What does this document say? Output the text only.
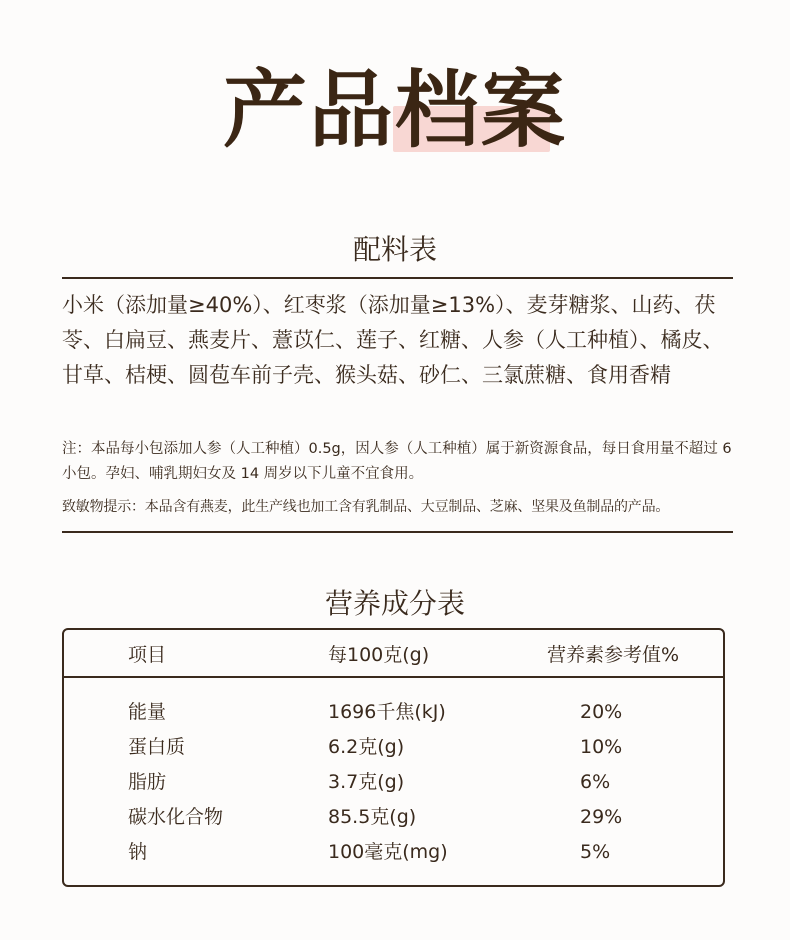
产品档案
配料表
小米（添加量≥40%）、红枣浆（添加量≥13%）、麦芽糖浆、山药、茯苓、白扁豆、燕麦片、薏苡仁、莲子、红糖、人参（人工种植）、橘皮、甘草、桔梗、圆苞车前子壳、猴头菇、砂仁、三氯蔗糖、食用香精
注：本品每小包添加人参（人工种植）0.5g，因人参（人工种植）属于新资源食品，每日食用量不超过 6 小包。孕妇、哺乳期妇女及 14 周岁以下儿童不宜食用。
致敏物提示：本品含有燕麦，此生产线也加工含有乳制品、大豆制品、芝麻、坚果及鱼制品的产品。
营养成分表
项目	每100克(g)	营养素参考值%
能量	1696千焦(kJ)	20%
蛋白质	6.2克(g)	10%
脂肪	3.7克(g)	6%
碳水化合物	85.5克(g)	29%
钠	100毫克(mg)	5%
